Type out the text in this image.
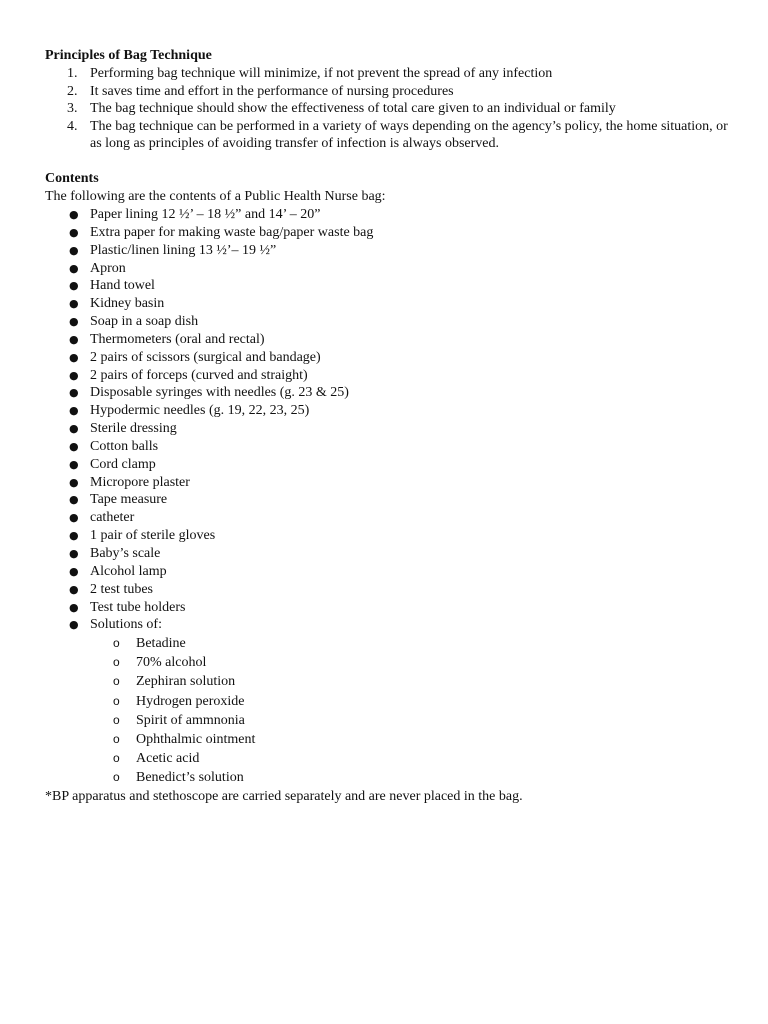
Principles of Bag Technique
1. Performing bag technique will minimize, if not prevent the spread of any infection
2. It saves time and effort in the performance of nursing procedures
3. The bag technique should show the effectiveness of total care given to an individual or family
4. The bag technique can be performed in a variety of ways depending on the agency’s policy, the home situation, or as long as principles of avoiding transfer of infection is always observed.
Contents
The following are the contents of a Public Health Nurse bag:
● Paper lining 12 ½’ – 18 ½” and 14’ – 20”
● Extra paper for making waste bag/paper waste bag
● Plastic/linen lining 13 ½’– 19 ½”
● Apron
● Hand towel
● Kidney basin
● Soap in a soap dish
● Thermometers (oral and rectal)
● 2 pairs of scissors (surgical and bandage)
● 2 pairs of forceps (curved and straight)
● Disposable syringes with needles (g. 23 & 25)
● Hypodermic needles (g. 19, 22, 23, 25)
● Sterile dressing
● Cotton balls
● Cord clamp
● Micropore plaster
● Tape measure
● catheter
● 1 pair of sterile gloves
● Baby’s scale
● Alcohol lamp
● 2 test tubes
● Test tube holders
● Solutions of:
o Betadine
o 70% alcohol
o Zephiran solution
o Hydrogen peroxide
o Spirit of ammnonia
o Ophthalmic ointment
o Acetic acid
o Benedict’s solution
*BP apparatus and stethoscope are carried separately and are never placed in the bag.
